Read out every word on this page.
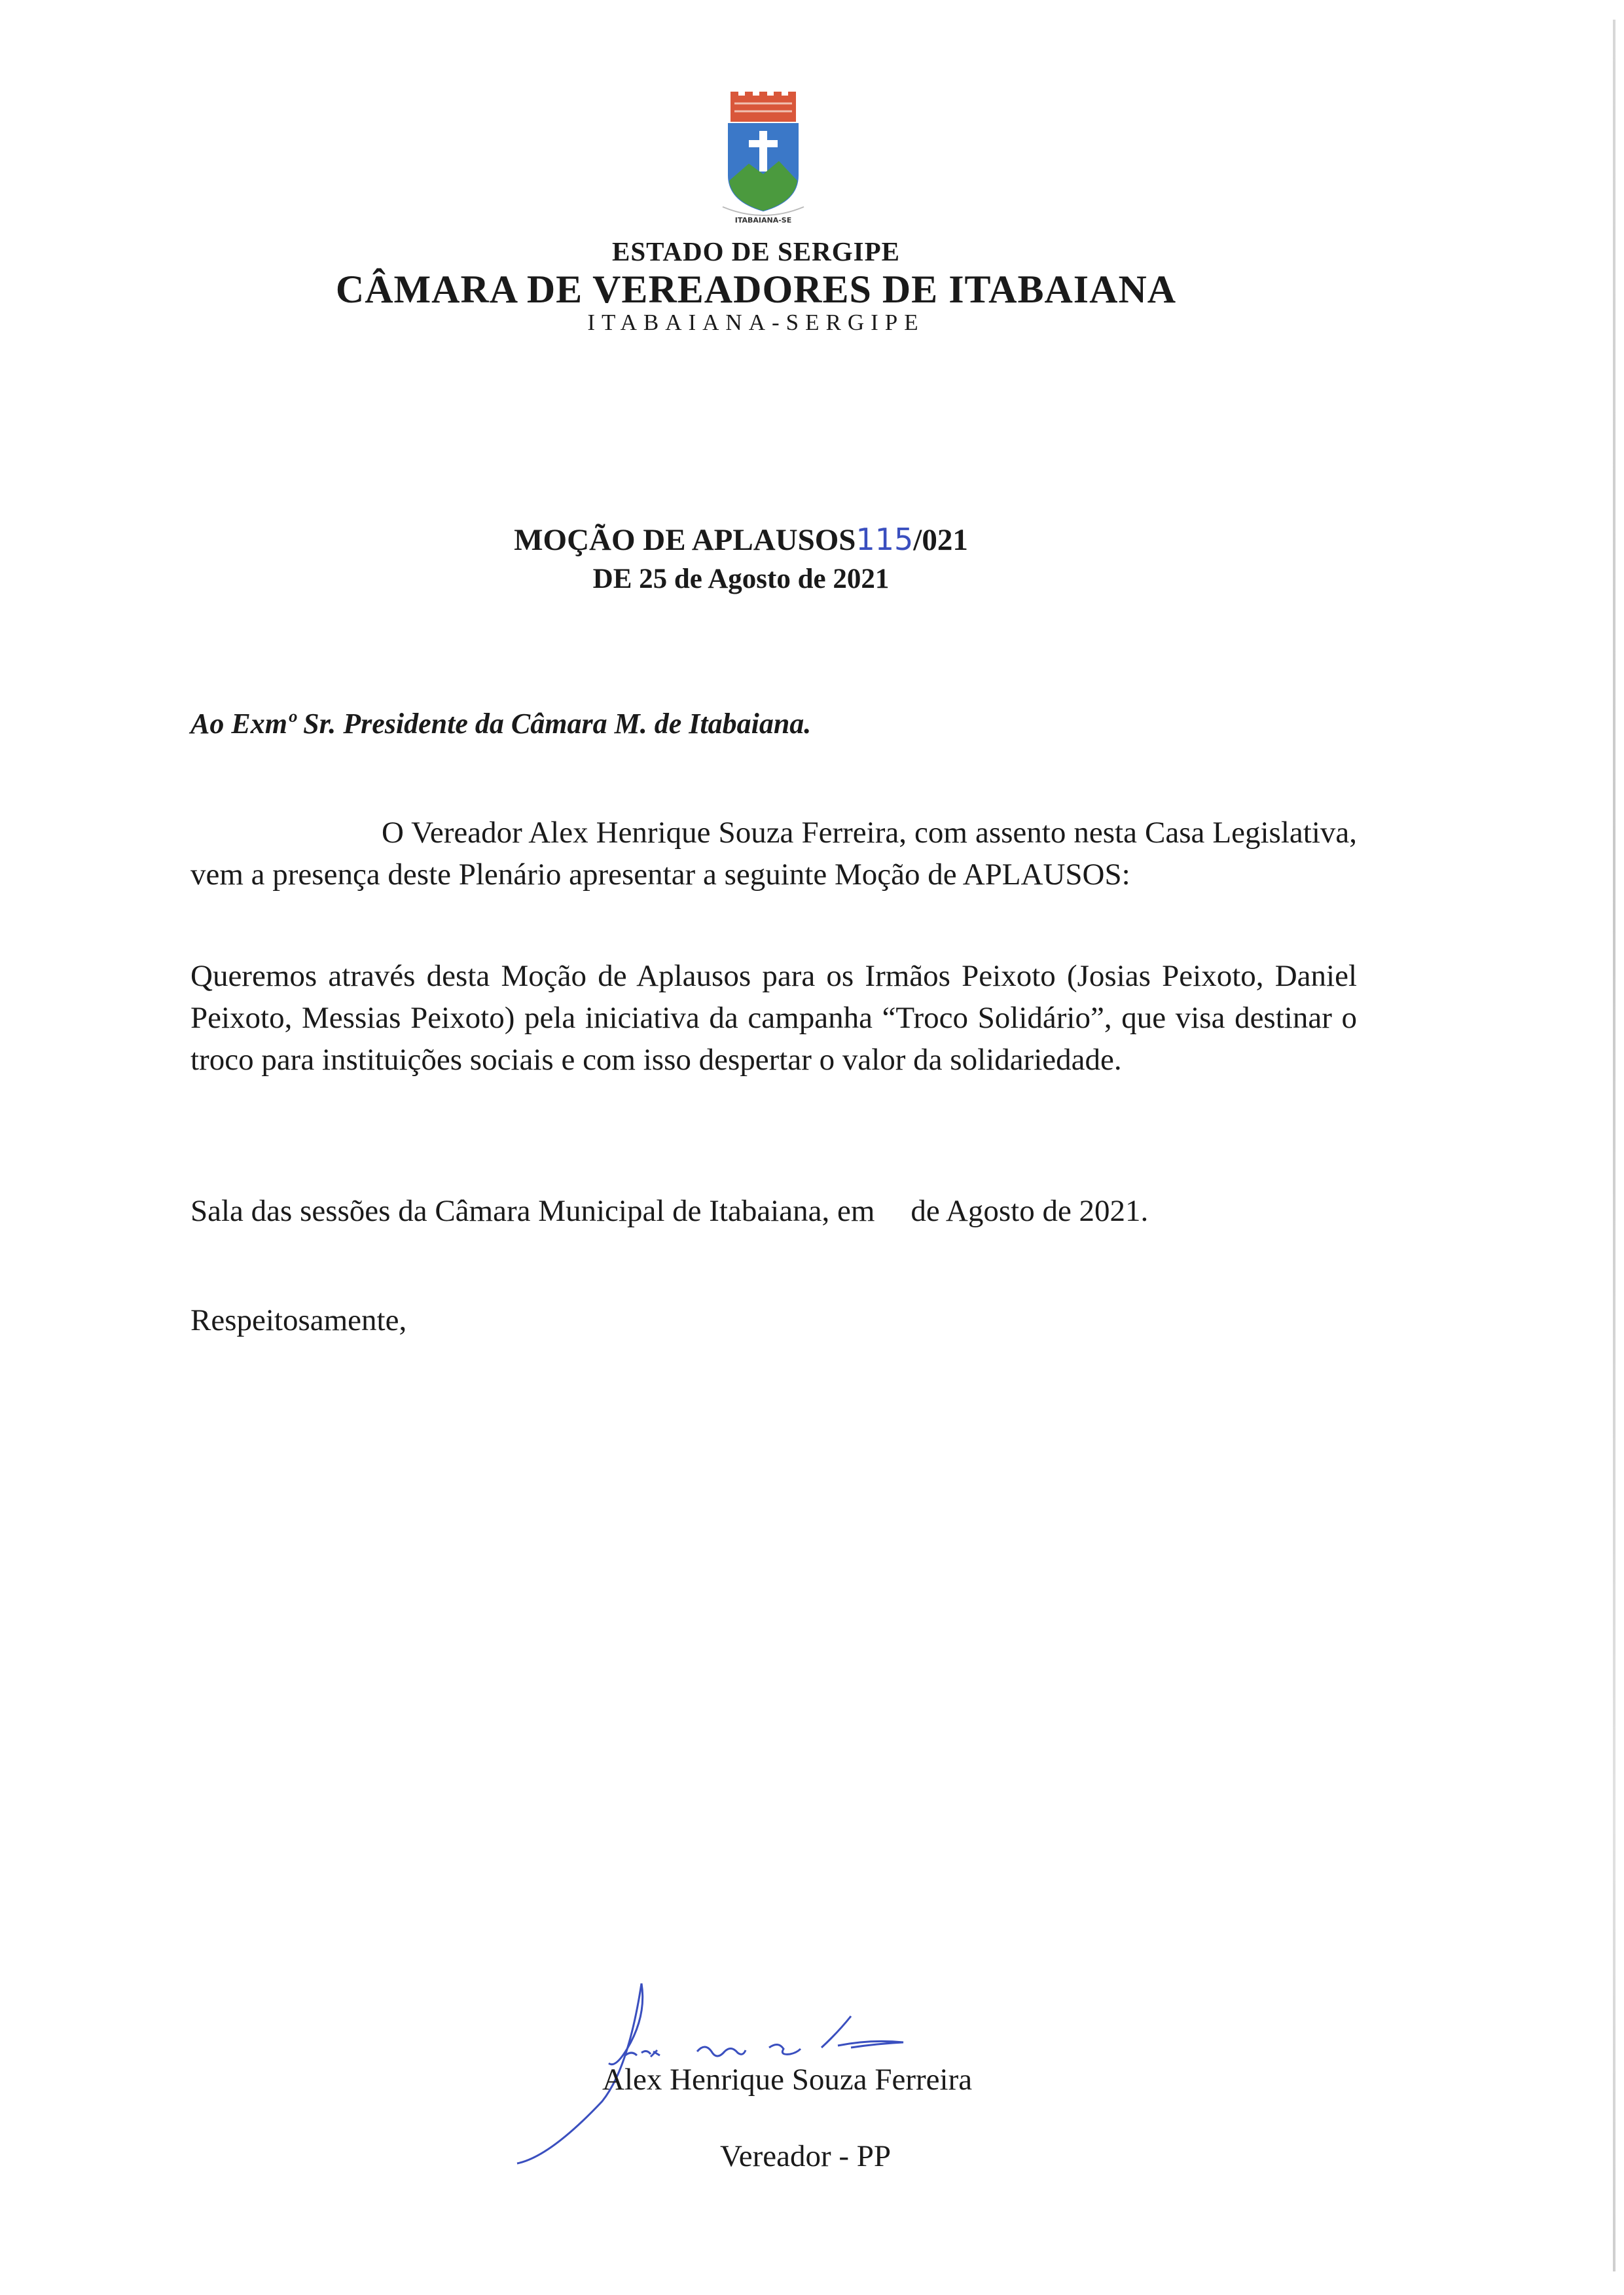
ITABAIANA-SE
ESTADO DE SERGIPE
CÂMARA DE VEREADORES DE ITABAIANA
ITABAIANA-SERGIPE
MOÇÃO DE APLAUSOS115/021
DE 25 de Agosto de 2021
Ao Exmº Sr. Presidente da Câmara M. de Itabaiana.
O Vereador Alex Henrique Souza Ferreira, com assento nesta Casa Legislativa, vem a presença deste Plenário apresentar a seguinte Moção de APLAUSOS:
Queremos através desta Moção de Aplausos para os Irmãos Peixoto (Josias Peixoto, Daniel Peixoto, Messias Peixoto) pela iniciativa da campanha “Troco Solidário”, que visa destinar o troco para instituições sociais e com isso despertar o valor da solidariedade.
Sala das sessões da Câmara Municipal de Itabaiana, em de Agosto de 2021.
Respeitosamente,
Alex Henrique Souza Ferreira
Vereador - PP
